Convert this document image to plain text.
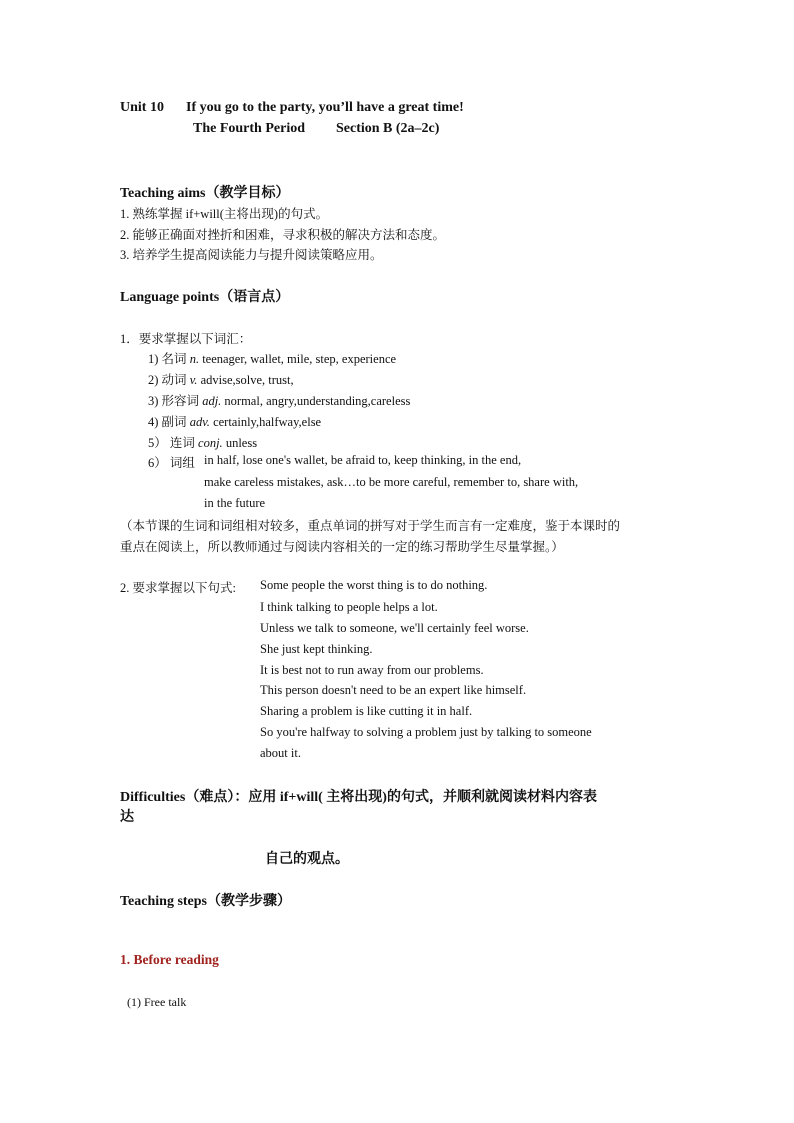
Unit 10 If you go to the party, you’ll have a great time!
The Fourth Period Section B (2a–2c)
Teaching aims（教学目标）
1. 熟练掌握 if+will(主将出现)的句式。
2. 能够正确面对挫折和困难，寻求积极的解决方法和态度。
3. 培养学生提高阅读能力与提升阅读策略应用。
Language points（语言点）
1．要求掌握以下词汇：
1) 名词 n. teenager, wallet, mile, step, experience
2) 动词 v. advise,solve, trust,
3) 形容词 adj. normal, angry,understanding,careless
4) 副词 adv. certainly,halfway,else
5） 连词 conj. unless
6） 词组 in half, lose one's wallet, be afraid to, keep thinking, in the end,
make careless mistakes, ask…to be more careful, remember to, share with,
in the future
（本节课的生词和词组相对较多，重点单词的拼写对于学生而言有一定难度，鉴于本课时的
重点在阅读上，所以教师通过与阅读内容相关的一定的练习帮助学生尽量掌握。）
2. 要求掌握以下句式: Some people the worst thing is to do nothing.
I think talking to people helps a lot.
Unless we talk to someone, we'll certainly feel worse.
She just kept thinking.
It is best not to run away from our problems.
This person doesn't need to be an expert like himself.
Sharing a problem is like cutting it in half.
So you're halfway to solving a problem just by talking to someone
about it.
Difficulties（难点）：应用 if+will( 主将出现)的句式，并顺利就阅读材料内容表
达
自己的观点。
Teaching steps（教学步骤）
1. Before reading
(1) Free talk
